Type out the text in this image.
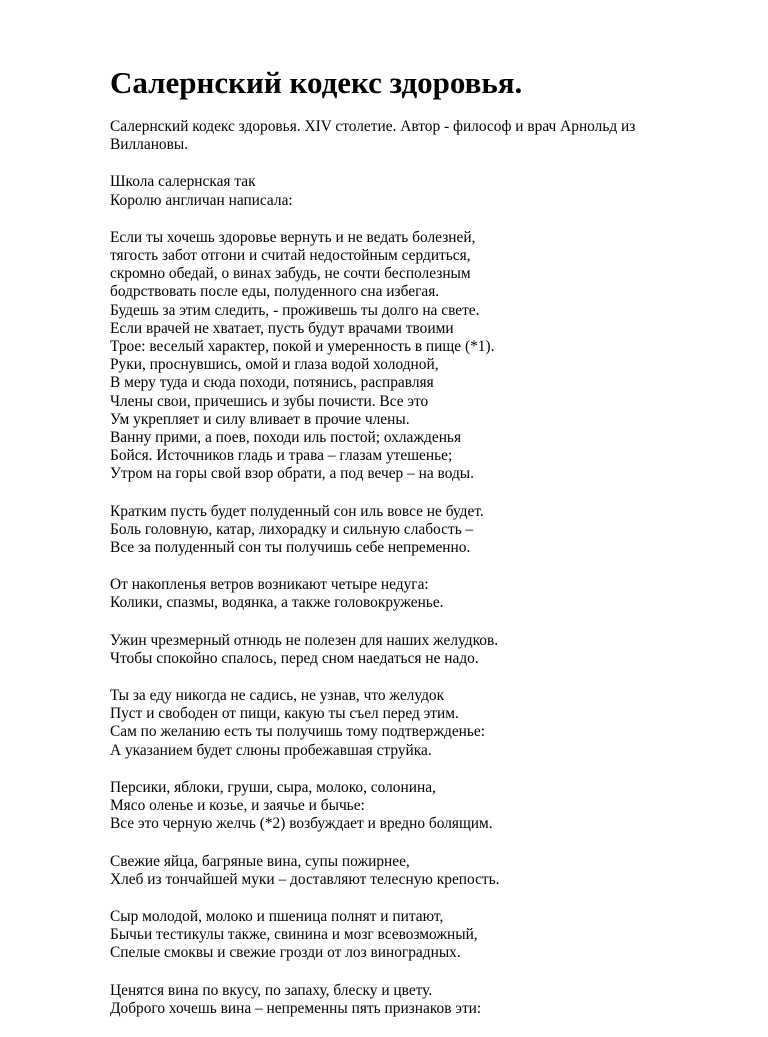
Салернский кодекс здоровья.
Салернский кодекс здоровья. XIV столетие. Автор - философ и врач Арнольд из
Виллановы.
Школа салернская так
Королю англичан написала:
Если ты хочешь здоровье вернуть и не ведать болезней,
тягость забот отгони и считай недостойным сердиться,
скромно обедай, о винах забудь, не сочти бесполезным
бодрствовать после еды, полуденного сна избегая.
Будешь за этим следить, - проживешь ты долго на свете.
Если врачей не хватает, пусть будут врачами твоими
Трое: веселый характер, покой и умеренность в пище (*1).
Руки, проснувшись, омой и глаза водой холодной,
В меру туда и сюда походи, потянись, расправляя
Члены свои, причешись и зубы почисти. Все это
Ум укрепляет и силу вливает в прочие члены.
Ванну прими, а поев, походи иль постой; охлажденья
Бойся. Источников гладь и трава – глазам утешенье;
Утром на горы свой взор обрати, а под вечер – на воды.
Кратким пусть будет полуденный сон иль вовсе не будет.
Боль головную, катар, лихорадку и сильную слабость –
Все за полуденный сон ты получишь себе непременно.
От накопленья ветров возникают четыре недуга:
Колики, спазмы, водянка, а также головокруженье.
Ужин чрезмерный отнюдь не полезен для наших желудков.
Чтобы спокойно спалось, перед сном наедаться не надо.
Ты за еду никогда не садись, не узнав, что желудок
Пуст и свободен от пищи, какую ты съел перед этим.
Сам по желанию есть ты получишь тому подтвержденье:
А указанием будет слюны пробежавшая струйка.
Персики, яблоки, груши, сыра, молоко, солонина,
Мясо оленье и козье, и заячье и бычье:
Все это черную желчь (*2) возбуждает и вредно болящим.
Свежие яйца, багряные вина, супы пожирнее,
Хлеб из тончайшей муки – доставляют телесную крепость.
Сыр молодой, молоко и пшеница полнят и питают,
Бычьи тестикулы также, свинина и мозг всевозможный,
Спелые смоквы и свежие грозди от лоз виноградных.
Ценятся вина по вкусу, по запаху, блеску и цвету.
Доброго хочешь вина – непременны пять признаков эти:
